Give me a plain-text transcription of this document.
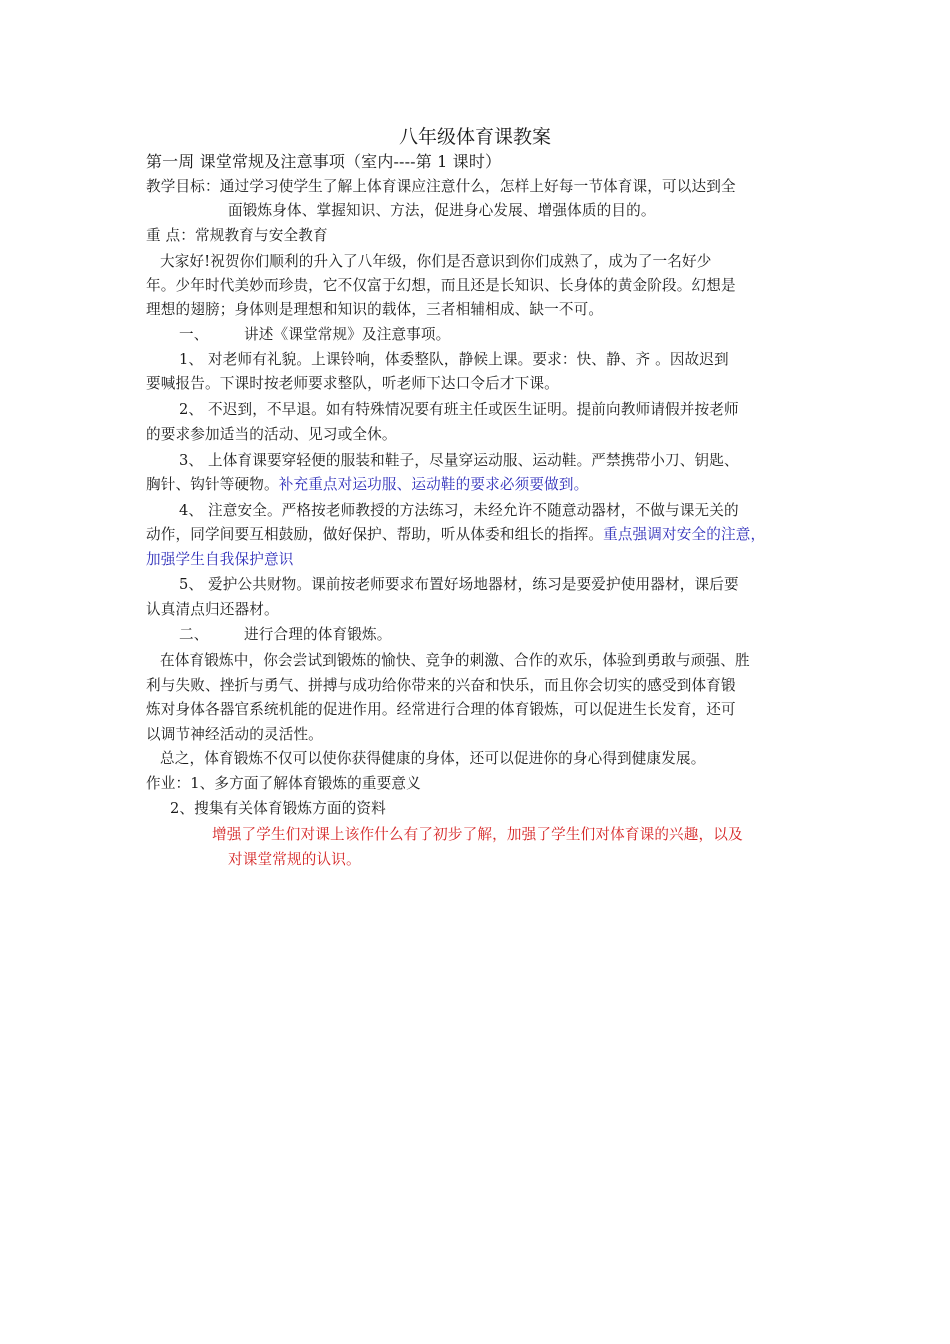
八年级体育课教案
第一周 课堂常规及注意事项（室内----第 1 课时）
教学目标：通过学习使学生了解上体育课应注意什么，怎样上好每一节体育课，可以达到全
面锻炼身体、掌握知识、方法，促进身心发展、增强体质的目的。
重 点：常规教育与安全教育
大家好!祝贺你们顺利的升入了八年级，你们是否意识到你们成熟了，成为了一名好少
年。少年时代美妙而珍贵，它不仅富于幻想，而且还是长知识、长身体的黄金阶段。幻想是
理想的翅膀；身体则是理想和知识的载体，三者相辅相成、缺一不可。
一、 讲述《课堂常规》及注意事项。
1、 对老师有礼貌。上课铃响，体委整队，静候上课。要求：快、静、齐 。因故迟到
要喊报告。下课时按老师要求整队，听老师下达口令后才下课。
2、 不迟到，不早退。如有特殊情况要有班主任或医生证明。提前向教师请假并按老师
的要求参加适当的活动、见习或全休。
3、 上体育课要穿轻便的服装和鞋子，尽量穿运动服、运动鞋。严禁携带小刀、钥匙、
胸针、钩针等硬物。补充重点对运功服、运动鞋的要求必须要做到。
4、 注意安全。严格按老师教授的方法练习，未经允许不随意动器材，不做与课无关的
动作，同学间要互相鼓励，做好保护、帮助，听从体委和组长的指挥。重点强调对安全的注意，
加强学生自我保护意识
5、 爱护公共财物。课前按老师要求布置好场地器材，练习是要爱护使用器材，课后要
认真清点归还器材。
二、 进行合理的体育锻炼。
在体育锻炼中，你会尝试到锻炼的愉快、竞争的刺激、合作的欢乐，体验到勇敢与顽强、胜
利与失败、挫折与勇气、拼搏与成功给你带来的兴奋和快乐，而且你会切实的感受到体育锻
炼对身体各器官系统机能的促进作用。经常进行合理的体育锻炼，可以促进生长发育，还可
以调节神经活动的灵活性。
总之，体育锻炼不仅可以使你获得健康的身体，还可以促进你的身心得到健康发展。
作业：1、多方面了解体育锻炼的重要意义
2、搜集有关体育锻炼方面的资料
增强了学生们对课上该作什么有了初步了解，加强了学生们对体育课的兴趣，以及
对课堂常规的认识。
